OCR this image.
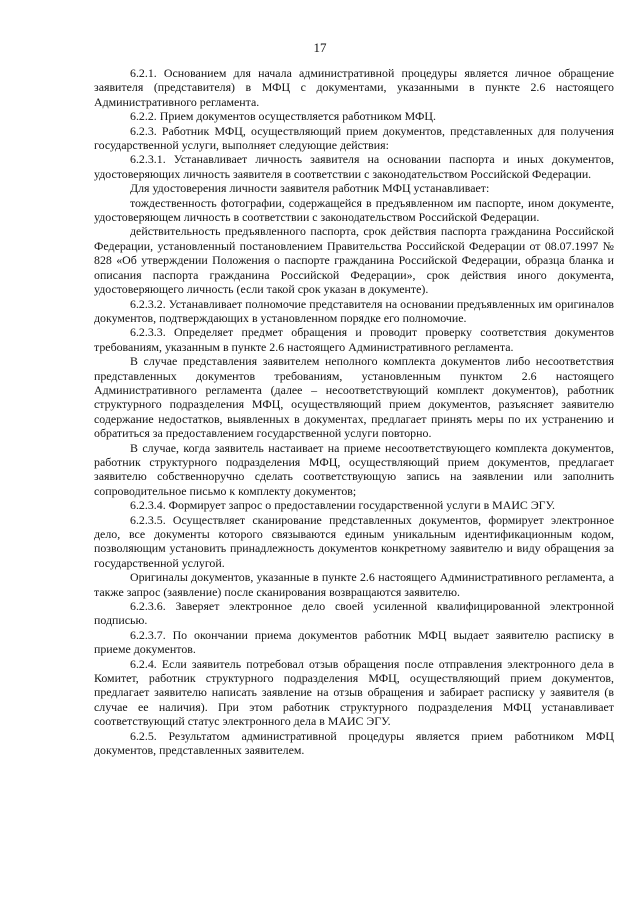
17

6.2.1. Основанием для начала административной процедуры является личное обращение заявителя (представителя) в МФЦ с документами, указанными в пункте 2.6 настоящего Административного регламента.

6.2.2. Прием документов осуществляется работником МФЦ.

6.2.3. Работник МФЦ, осуществляющий прием документов, представленных для получения государственной услуги, выполняет следующие действия:

6.2.3.1. Устанавливает личность заявителя на основании паспорта и иных документов, удостоверяющих личность заявителя в соответствии с законодательством Российской Федерации.

Для удостоверения личности заявителя работник МФЦ устанавливает:

тождественность фотографии, содержащейся в предъявленном им паспорте, ином документе, удостоверяющем личность в соответствии с законодательством Российской Федерации.

действительность предъявленного паспорта, срок действия паспорта гражданина Российской Федерации, установленный постановлением Правительства Российской Федерации от 08.07.1997 № 828 «Об утверждении Положения о паспорте гражданина Российской Федерации, образца бланка и описания паспорта гражданина Российской Федерации», срок действия иного документа, удостоверяющего личность (если такой срок указан в документе).

6.2.3.2. Устанавливает полномочие представителя на основании предъявленных им оригиналов документов, подтверждающих в установленном порядке его полномочие.

6.2.3.3. Определяет предмет обращения и проводит проверку соответствия документов требованиям, указанным в пункте 2.6 настоящего Административного регламента.

В случае представления заявителем неполного комплекта документов либо несоответствия представленных документов требованиям, установленным пунктом 2.6 настоящего Административного регламента (далее – несоответствующий комплект документов), работник структурного подразделения МФЦ, осуществляющий прием документов, разъясняет заявителю содержание недостатков, выявленных в документах, предлагает принять меры по их устранению и обратиться за предоставлением государственной услуги повторно.

В случае, когда заявитель настаивает на приеме несоответствующего комплекта документов, работник структурного подразделения МФЦ, осуществляющий прием документов, предлагает заявителю собственноручно сделать соответствующую запись на заявлении или заполнить сопроводительное письмо к комплекту документов;

6.2.3.4. Формирует запрос о предоставлении государственной услуги в МАИС ЭГУ.

6.2.3.5. Осуществляет сканирование представленных документов, формирует электронное дело, все документы которого связываются единым уникальным идентификационным кодом, позволяющим установить принадлежность документов конкретному заявителю и виду обращения за государственной услугой.

Оригиналы документов, указанные в пункте 2.6 настоящего Административного регламента, а также запрос (заявление) после сканирования возвращаются заявителю.

6.2.3.6. Заверяет электронное дело своей усиленной квалифицированной электронной подписью.

6.2.3.7. По окончании приема документов работник МФЦ выдает заявителю расписку в приеме документов.

6.2.4. Если заявитель потребовал отзыв обращения после отправления электронного дела в Комитет, работник структурного подразделения МФЦ, осуществляющий прием документов, предлагает заявителю написать заявление на отзыв обращения и забирает расписку у заявителя (в случае ее наличия). При этом работник структурного подразделения МФЦ устанавливает соответствующий статус электронного дела в МАИС ЭГУ.

6.2.5. Результатом административной процедуры является прием работником МФЦ документов, представленных заявителем.
